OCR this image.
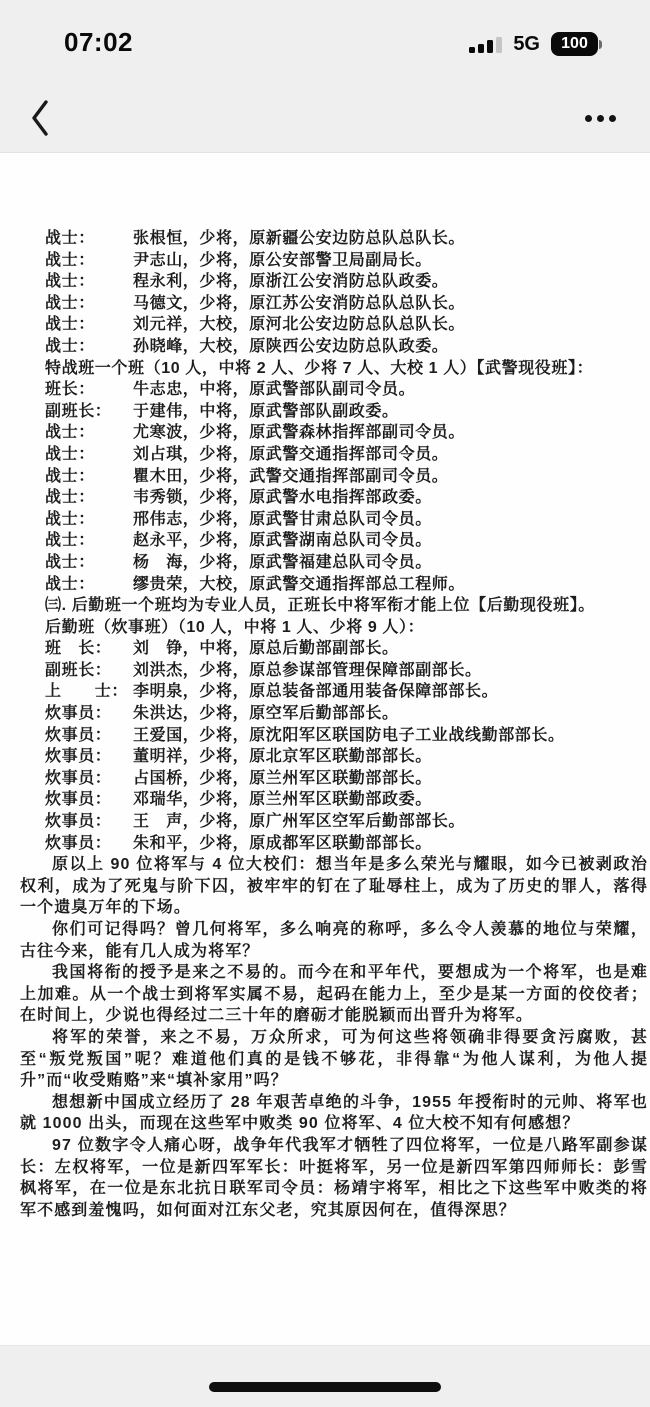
07:02	5G	100
战士： 张根恒，少将，原新疆公安边防总队总队长。
战士： 尹志山，少将，原公安部警卫局副局长。
战士： 程永利，少将，原浙江公安消防总队政委。
战士： 马德文，少将，原江苏公安消防总队总队长。
战士： 刘元祥，大校，原河北公安边防总队总队长。
战士： 孙晓峰，大校，原陕西公安边防总队政委。
特战班一个班（10 人，中将 2 人、少将 7 人、大校 1 人）【武警现役班】：
班长： 牛志忠，中将，原武警部队副司令员。
副班长： 于建伟，中将，原武警部队副政委。
战士： 尤寒波，少将，原武警森林指挥部副司令员。
战士： 刘占琪，少将，原武警交通指挥部司令员。
战士： 瞿木田，少将，武警交通指挥部副司令员。
战士： 韦秀锁，少将，原武警水电指挥部政委。
战士： 邢伟志，少将，原武警甘肃总队司令员。
战士： 赵永平，少将，原武警湖南总队司令员。
战士： 杨　海，少将，原武警福建总队司令员。
战士： 缪贵荣，大校，原武警交通指挥部总工程师。
㈢. 后勤班一个班均为专业人员，正班长中将军衔才能上位【后勤现役班】。
后勤班（炊事班）（10 人，中将 1 人、少将 9 人）：
班　长： 刘　铮，中将，原总后勤部副部长。
副班长： 刘洪杰，少将，原总参谋部管理保障部副部长。
上　　士： 李明泉，少将，原总装备部通用装备保障部部长。
炊事员： 朱洪达，少将，原空军后勤部部长。
炊事员： 王爱国，少将，原沈阳军区联国防电子工业战线勤部部长。
炊事员： 董明祥，少将，原北京军区联勤部部长。
炊事员： 占国桥，少将，原兰州军区联勤部部长。
炊事员： 邓瑞华，少将，原兰州军区联勤部政委。
炊事员： 王　声，少将，原广州军区空军后勤部部长。
炊事员： 朱和平，少将，原成都军区联勤部部长。

原以上 90 位将军与 4 位大校们：想当年是多么荣光与耀眼，如今已被剥政治权利，成为了死鬼与阶下囚，被牢牢的钉在了耻辱柱上，成为了历史的罪人，落得一个遗臭万年的下场。

你们可记得吗？曾几何将军，多么响亮的称呼，多么令人羡慕的地位与荣耀，古往今来，能有几人成为将军？

我国将衔的授予是来之不易的。而今在和平年代，要想成为一个将军，也是难上加难。从一个战士到将军实属不易，起码在能力上，至少是某一方面的佼佼者；在时间上，少说也得经过二三十年的磨砺才能脱颖而出晋升为将军。

将军的荣誉，来之不易，万众所求，可为何这些将领确非得要贪污腐败，甚至“叛党叛国”呢？难道他们真的是钱不够花，非得靠“为他人谋利，为他人提升”而“收受贿赂”来“填补家用”吗？

想想新中国成立经历了 28 年艰苦卓绝的斗争，1955 年授衔时的元帅、将军也就 1000 出头，而现在这些军中败类 90 位将军、4 位大校不知有何感想？

97 位数字令人痛心呀，战争年代我军才牺牲了四位将军，一位是八路军副参谋长：左权将军，一位是新四军军长：叶挺将军，另一位是新四军第四师师长：彭雪枫将军，在一位是东北抗日联军司令员：杨靖宇将军，相比之下这些军中败类的将军不感到羞愧吗，如何面对江东父老，究其原因何在，值得深思？
